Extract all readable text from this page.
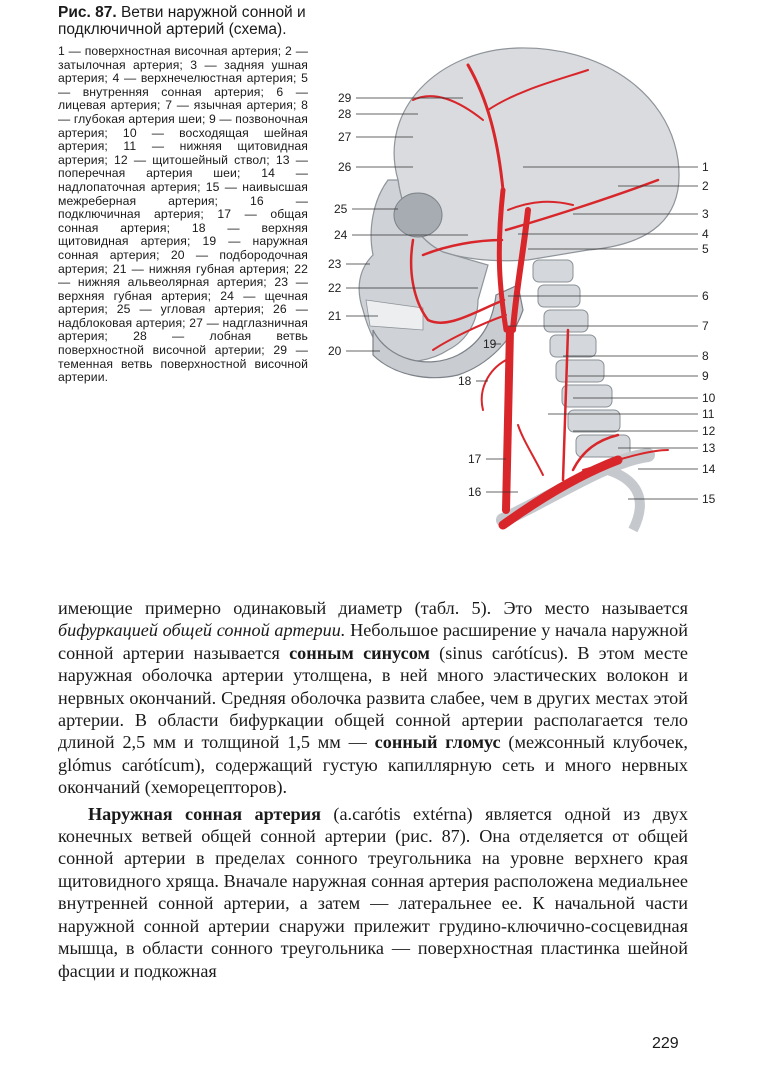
Рис. 87. Ветви наружной сонной и подключичной артерий (схема).

1 — поверхностная височная артерия; 2 — затылочная артерия; 3 — задняя ушная артерия; 4 — верхнечелюстная артерия; 5 — внутренняя сонная артерия; 6 — лицевая артерия; 7 — язычная артерия; 8 — глубокая артерия шеи; 9 — позвоночная артерия; 10 — восходящая шейная артерия; 11 — нижняя щитовидная артерия; 12 — щитошейный ствол; 13 — поперечная артерия шеи; 14 — надлопаточная артерия; 15 — наивысшая межреберная артерия; 16 — подключичная артерия; 17 — общая сонная артерия; 18 — верхняя щитовидная артерия; 19 — наружная сонная артерия; 20 — подбородочная артерия; 21 — нижняя губная артерия; 22 — нижняя альвеолярная артерия; 23 — верхняя губная артерия; 24 — щечная артерия; 25 — угловая артерия; 26 — надблоковая артерия; 27 — надглазничная артерия; 28 — лобная ветвь поверхностной височной артерии; 29 — теменная ветвь поверхностной височной артерии.
29
28
27
26
25
24
23
22
21
20	19
18
17
16
1
2
3
4
5
6
7
8
9
10
11
12
13
14
15

имеющие примерно одинаковый диаметр (табл. 5). Это место называется бифуркацией общей сонной артерии. Небольшое расширение у начала наружной сонной артерии называется сонным синусом (sinus carótícus). В этом месте наружная оболочка артерии утолщена, в ней много эластических волокон и нервных окончаний. Средняя оболочка развита слабее, чем в других местах этой артерии. В области бифуркации общей сонной артерии располагается тело длиной 2,5 мм и толщиной 1,5 мм — сонный гломус (межсонный клубочек, glómus carótícum), содержащий густую капиллярную сеть и много нервных окончаний (хеморецепторов).

Наружная сонная артерия (a.carótis extérna) является одной из двух конечных ветвей общей сонной артерии (рис. 87). Она отделяется от общей сонной артерии в пределах сонного треугольника на уровне верхнего края щитовидного хряща. Вначале наружная сонная артерия расположена медиальнее внутренней сонной артерии, а затем — латеральнее ее. К начальной части наружной сонной артерии снаружи прилежит грудино-ключично-сосцевидная мышца, в области сонного треугольника — поверхностная пластинка шейной фасции и подкожная

229
